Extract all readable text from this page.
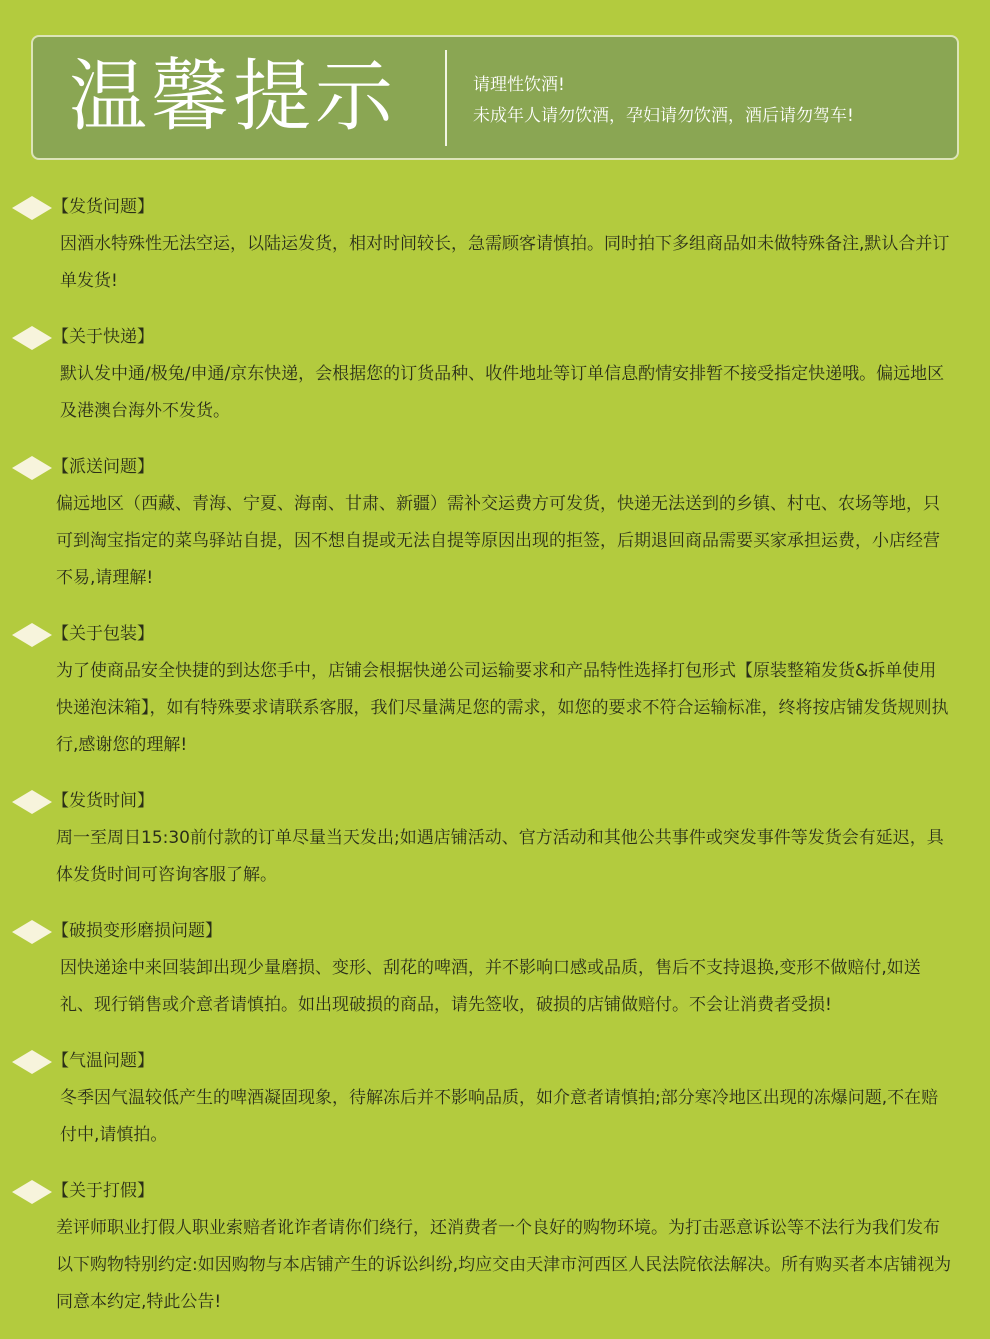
温馨提示	请理性饮酒!
未成年人请勿饮酒，孕妇请勿饮酒，酒后请勿驾车!
【发货问题】

因酒水特殊性无法空运，以陆运发货，相对时间较长，急需顾客请慎拍。同时拍下多组商品如未做特殊备注,默认合并订单发货!

【关于快递】

默认发中通/极兔/申通/京东快递，会根据您的订货品种、收件地址等订单信息酌情安排暂不接受指定快递哦。偏远地区及港澳台海外不发货。

【派送问题】

偏远地区（西藏、青海、宁夏、海南、甘肃、新疆）需补交运费方可发货，快递无法送到的乡镇、村屯、农场等地，只可到淘宝指定的菜鸟驿站自提，因不想自提或无法自提等原因出现的拒签，后期退回商品需要买家承担运费，小店经营不易,请理解!

【关于包装】

为了使商品安全快捷的到达您手中，店铺会根据快递公司运输要求和产品特性选择打包形式【原装整箱发货&拆单使用快递泡沫箱】，如有特殊要求请联系客服，我们尽量满足您的需求，如您的要求不符合运输标准，终将按店铺发货规则执行,感谢您的理解!

【发货时间】

周一至周日15:30前付款的订单尽量当天发出;如遇店铺活动、官方活动和其他公共事件或突发事件等发货会有延迟，具体发货时间可咨询客服了解。

【破损变形磨损问题】

因快递途中来回装卸出现少量磨损、变形、刮花的啤酒，并不影响口感或品质，售后不支持退换,变形不做赔付,如送礼、现行销售或介意者请慎拍。如出现破损的商品，请先签收，破损的店铺做赔付。不会让消费者受损!

【气温问题】

冬季因气温较低产生的啤酒凝固现象，待解冻后并不影响品质，如介意者请慎拍;部分寒冷地区出现的冻爆问题,不在赔付中,请慎拍。

【关于打假】

差评师职业打假人职业索赔者讹诈者请你们绕行，还消费者一个良好的购物环境。为打击恶意诉讼等不法行为我们发布以下购物特别约定:如因购物与本店铺产生的诉讼纠纷,均应交由天津市河西区人民法院依法解决。所有购买者本店铺视为同意本约定,特此公告!
